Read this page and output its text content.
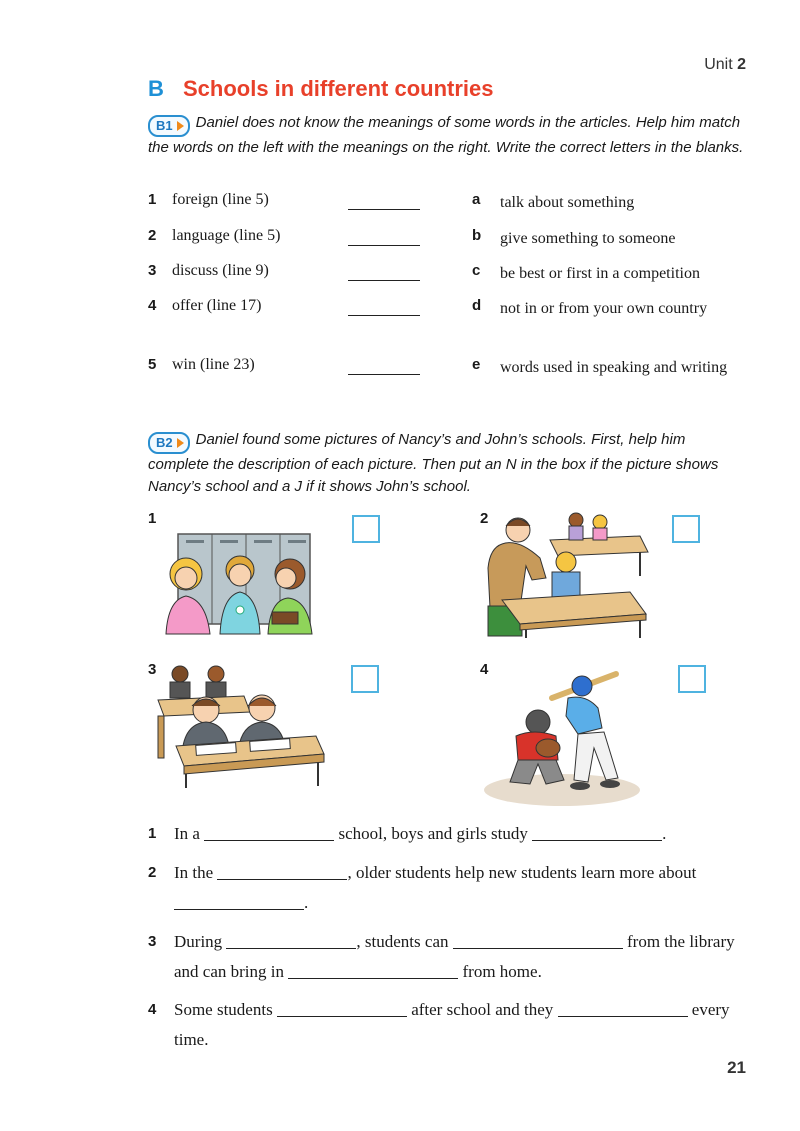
Unit 2
B Schools in different countries
B1 Daniel does not know the meanings of some words in the articles. Help him match the words on the left with the meanings on the right. Write the correct letters in the blanks.
1 foreign (line 5)	a talk about something
2 language (line 5)	b give something to someone
3 discuss (line 9)	c be best or first in a competition
4 offer (line 17)	d not in or from your own country
5 win (line 23)	e words used in speaking and writing
B2 Daniel found some pictures of Nancy’s and John’s schools. First, help him complete the description of each picture. Then put an N in the box if the picture shows Nancy’s school and a J if it shows John’s school.
1	2
3	4
1 In a	school, boys and girls study	.
2 In the	, older students help new students learn more about .
3 During	, students can	from the library and can bring in	from home.
4 Some students	after school and they	every time.
21
